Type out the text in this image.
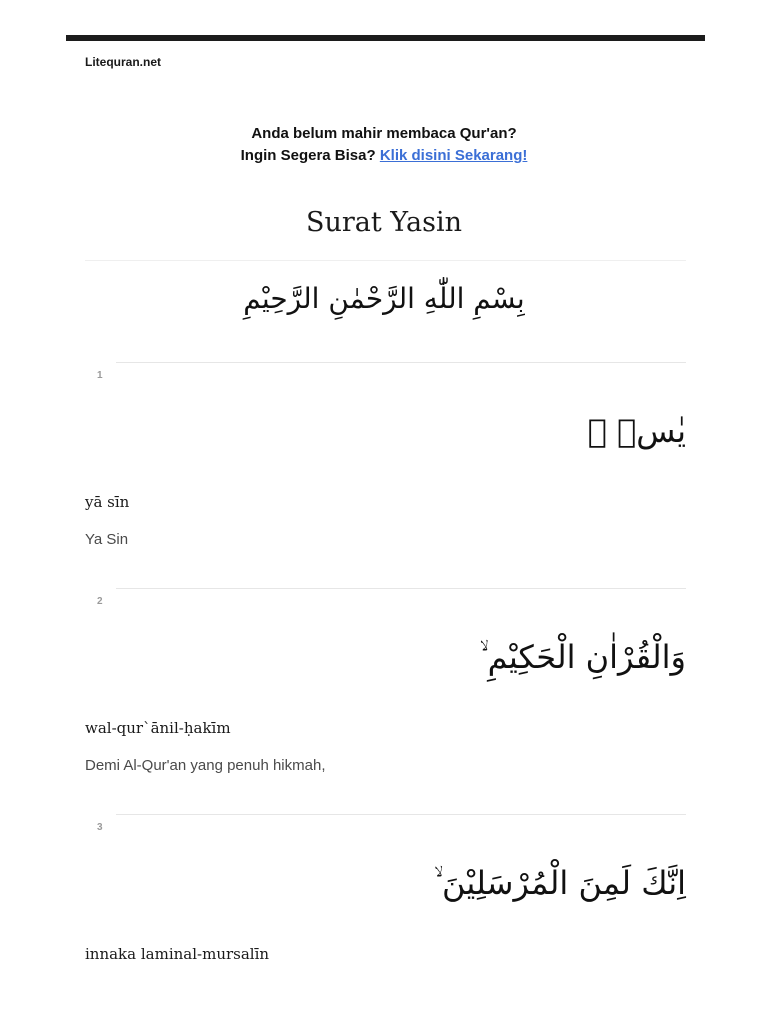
Litequran.net
Anda belum mahir membaca Qur'an?
Ingin Segera Bisa? Klik disini Sekarang!
Surat Yasin
بِسْمِ اللّٰهِ الرَّحْمٰنِ الرَّحِيْمِ
1
يٰسۤ ۚ
yā sīn
Ya Sin
2
وَالْقُرْاٰنِ الْحَكِيْمِ ۙ
wal-qur`ānil-ḥakīm
Demi Al-Qur'an yang penuh hikmah,
3
اِنَّكَ لَمِنَ الْمُرْسَلِيْنَ ۙ
innaka laminal-mursalīn
